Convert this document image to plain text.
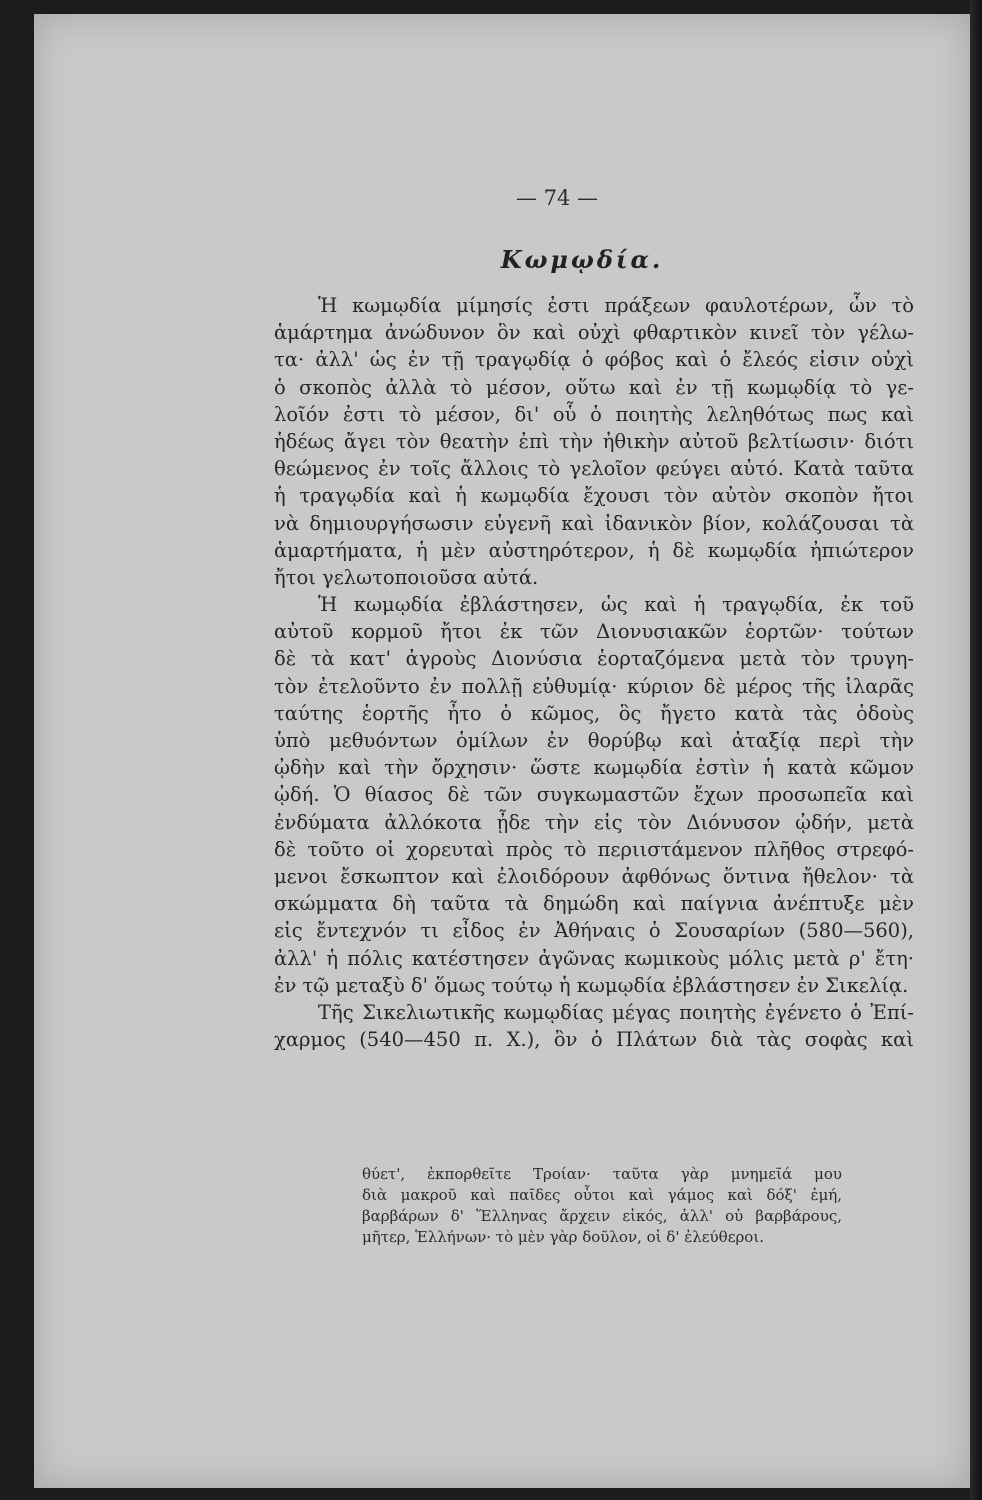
— 74 —
Κωμῳδία.
Ἡ κωμῳδία μίμησίς ἐστι πράξεων φαυλοτέρων, ὧν τὸ
ἁμάρτημα ἀνώδυνον ὃν καὶ οὐχὶ φθαρτικὸν κινεῖ τὸν γέλω-
τα· ἀλλ' ὡς ἐν τῇ τραγῳδίᾳ ὁ φόβος καὶ ὁ ἔλεός εἰσιν οὐχὶ
ὁ σκοπὸς ἀλλὰ τὸ μέσον, οὕτω καὶ ἐν τῇ κωμῳδίᾳ τὸ γε-
λοῖόν ἐστι τὸ μέσον, δι' οὗ ὁ ποιητὴς λεληθότως πως καὶ
ἡδέως ἄγει τὸν θεατὴν ἐπὶ τὴν ἠθικὴν αὐτοῦ βελτίωσιν· διότι
θεώμενος ἐν τοῖς ἄλλοις τὸ γελοῖον φεύγει αὐτό. Κατὰ ταῦτα
ἡ τραγῳδία καὶ ἡ κωμῳδία ἔχουσι τὸν αὐτὸν σκοπὸν ἤτοι
νὰ δημιουργήσωσιν εὐγενῆ καὶ ἰδανικὸν βίον, κολάζουσαι τὰ
ἁμαρτήματα, ἡ μὲν αὐστηρότερον, ἡ δὲ κωμῳδία ἠπιώτερον
ἤτοι γελωτοποιοῦσα αὐτά.
Ἡ κωμῳδία ἐβλάστησεν, ὡς καὶ ἡ τραγῳδία, ἐκ τοῦ
αὐτοῦ κορμοῦ ἤτοι ἐκ τῶν Διονυσιακῶν ἑορτῶν· τούτων
δὲ τὰ κατ' ἀγροὺς Διονύσια ἑορταζόμενα μετὰ τὸν τρυγη-
τὸν ἐτελοῦντο ἐν πολλῇ εὐθυμίᾳ· κύριον δὲ μέρος τῆς ἱλαρᾶς
ταύτης ἑορτῆς ἦτο ὁ κῶμος, ὃς ἤγετο κατὰ τὰς ὁδοὺς
ὑπὸ μεθυόντων ὁμίλων ἐν θορύβῳ καὶ ἀταξίᾳ περὶ τὴν
ᾠδὴν καὶ τὴν ὄρχησιν· ὥστε κωμῳδία ἐστὶν ἡ κατὰ κῶμον
ᾠδή. Ὁ θίασος δὲ τῶν συγκωμαστῶν ἔχων προσωπεῖα καὶ
ἐνδύματα ἀλλόκοτα ᾖδε τὴν εἰς τὸν Διόνυσον ᾠδήν, μετὰ
δὲ τοῦτο οἱ χορευταὶ πρὸς τὸ περιιστάμενον πλῆθος στρεφό-
μενοι ἔσκωπτον καὶ ἐλοιδόρουν ἀφθόνως ὅντινα ἤθελον· τὰ
σκώμματα δὴ ταῦτα τὰ δημώδη καὶ παίγνια ἀνέπτυξε μὲν
εἰς ἔντεχνόν τι εἶδος ἐν Ἀθήναις ὁ Σουσαρίων (580—560),
ἀλλ' ἡ πόλις κατέστησεν ἀγῶνας κωμικοὺς μόλις μετὰ ρ' ἔτη·
ἐν τῷ μεταξὺ δ' ὅμως τούτῳ ἡ κωμῳδία ἐβλάστησεν ἐν Σικελίᾳ.
Τῆς Σικελιωτικῆς κωμῳδίας μέγας ποιητὴς ἐγένετο ὁ Ἐπί-
χαρμος (540—450 π. Χ.), ὃν ὁ Πλάτων διὰ τὰς σοφὰς καὶ
θύετ', ἐκπορθεῖτε Τροίαν· ταῦτα γὰρ μνημεῖά μου
διὰ μακροῦ καὶ παῖδες οὗτοι καὶ γάμος καὶ δόξ' ἐμή,
βαρβάρων δ' Ἕλληνας ἄρχειν εἰκός, ἀλλ' οὐ βαρβάρους,
μῆτερ, Ἑλλήνων· τὸ μὲν γὰρ δοῦλον, οἱ δ' ἐλεύθεροι.
